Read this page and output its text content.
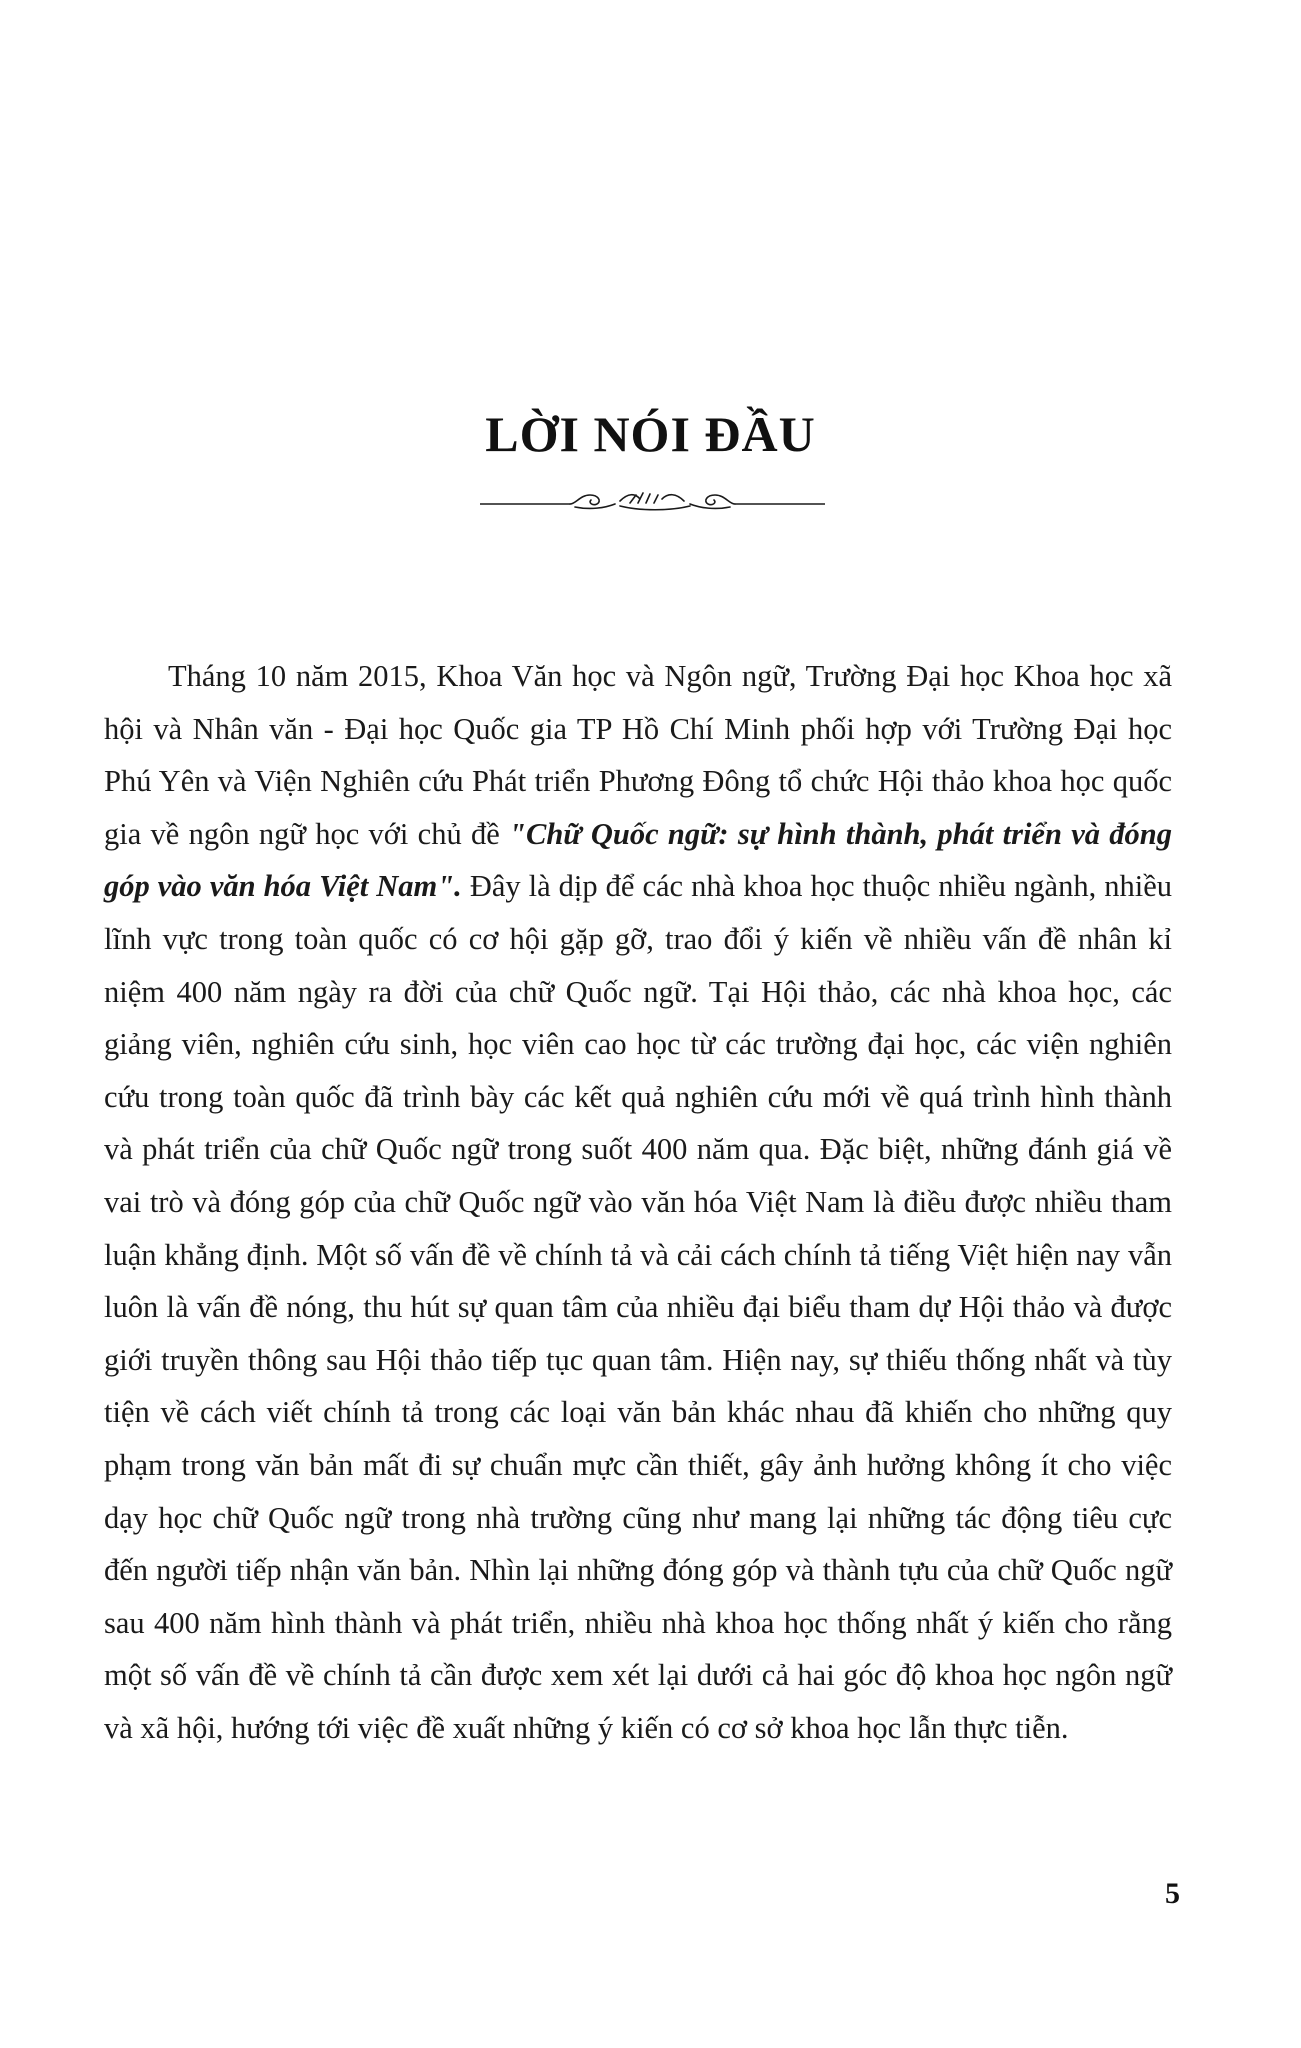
LỜI NÓI ĐẦU

Tháng 10 năm 2015, Khoa Văn học và Ngôn ngữ, Trường Đại học Khoa học xã hội và Nhân văn - Đại học Quốc gia TP Hồ Chí Minh phối hợp với Trường Đại học Phú Yên và Viện Nghiên cứu Phát triển Phương Đông tổ chức Hội thảo khoa học quốc gia về ngôn ngữ học với chủ đề "Chữ Quốc ngữ: sự hình thành, phát triển và đóng góp vào văn hóa Việt Nam". Đây là dịp để các nhà khoa học thuộc nhiều ngành, nhiều lĩnh vực trong toàn quốc có cơ hội gặp gỡ, trao đổi ý kiến về nhiều vấn đề nhân kỉ niệm 400 năm ngày ra đời của chữ Quốc ngữ. Tại Hội thảo, các nhà khoa học, các giảng viên, nghiên cứu sinh, học viên cao học từ các trường đại học, các viện nghiên cứu trong toàn quốc đã trình bày các kết quả nghiên cứu mới về quá trình hình thành và phát triển của chữ Quốc ngữ trong suốt 400 năm qua. Đặc biệt, những đánh giá về vai trò và đóng góp của chữ Quốc ngữ vào văn hóa Việt Nam là điều được nhiều tham luận khẳng định. Một số vấn đề về chính tả và cải cách chính tả tiếng Việt hiện nay vẫn luôn là vấn đề nóng, thu hút sự quan tâm của nhiều đại biểu tham dự Hội thảo và được giới truyền thông sau Hội thảo tiếp tục quan tâm. Hiện nay, sự thiếu thống nhất và tùy tiện về cách viết chính tả trong các loại văn bản khác nhau đã khiến cho những quy phạm trong văn bản mất đi sự chuẩn mực cần thiết, gây ảnh hưởng không ít cho việc dạy học chữ Quốc ngữ trong nhà trường cũng như mang lại những tác động tiêu cực đến người tiếp nhận văn bản. Nhìn lại những đóng góp và thành tựu của chữ Quốc ngữ sau 400 năm hình thành và phát triển, nhiều nhà khoa học thống nhất ý kiến cho rằng một số vấn đề về chính tả cần được xem xét lại dưới cả hai góc độ khoa học ngôn ngữ và xã hội, hướng tới việc đề xuất những ý kiến có cơ sở khoa học lẫn thực tiễn.

5
